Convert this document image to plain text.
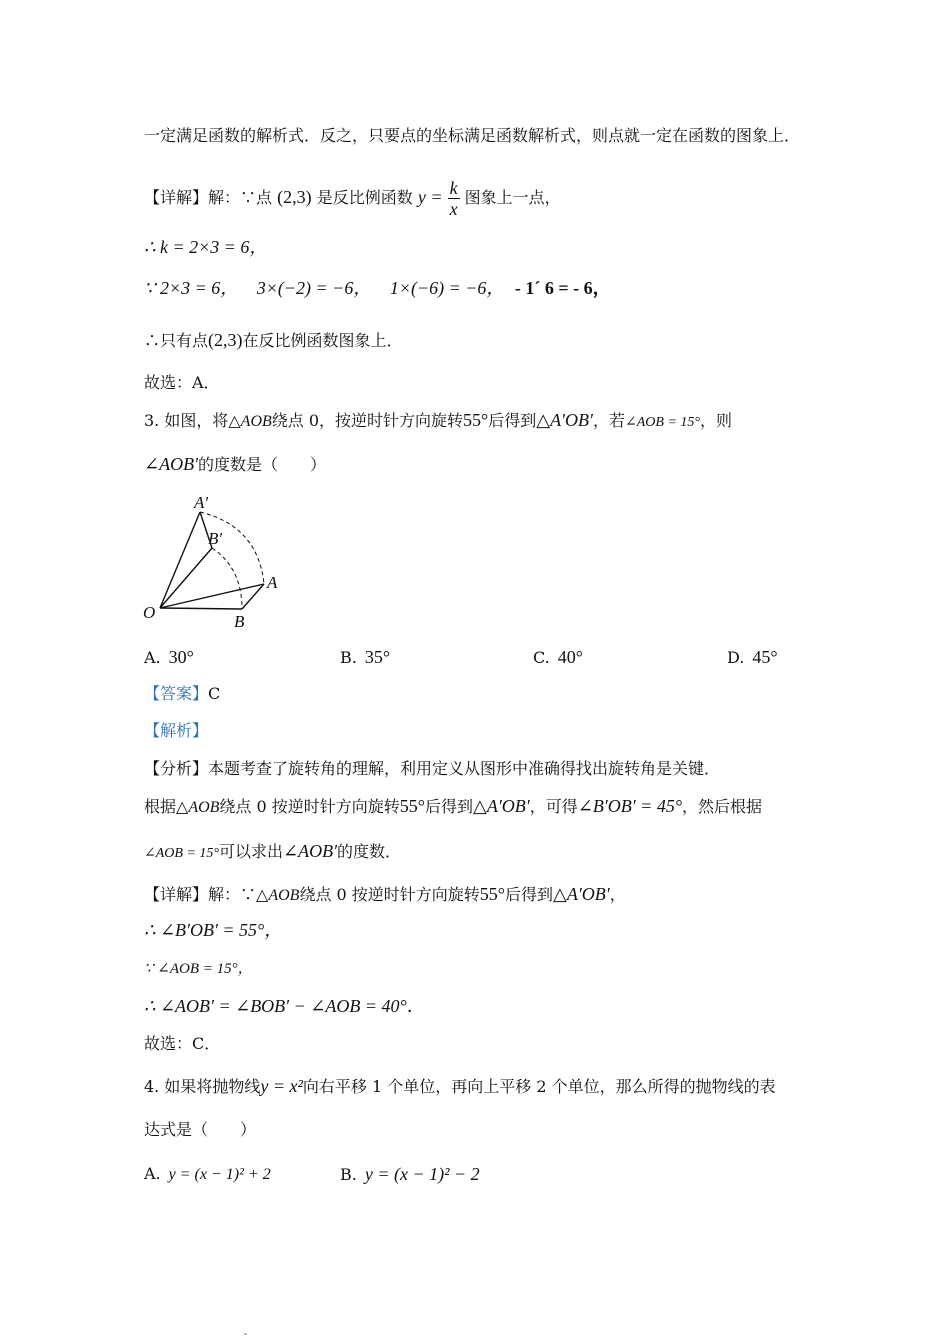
一定满足函数的解析式．反之，只要点的坐标满足函数解析式，则点就一定在函数的图象上．
【详解】解：∵点 (2,3) 是反比例函数 $y = \frac{k}{x}$ 图象上一点，
∴ k = 2×3 = 6，
∵ 2×3 = 6， 3×(−2) = −6， 1×(−6) = −6， - 1´ 6 = - 6，
∴只有点(2,3)在反比例函数图象上．
故选：A．
3. 如图，将△AOB绕点 0，按逆时针方向旋转55°后得到△A′OB′，若∠AOB = 15°，则
∠AOB′的度数是（　　）
A′
B′
A
O	B
A. 30°	B. 35°	C. 40°	D. 45°
【答案】C
【解析】
【分析】本题考查了旋转角的理解，利用定义从图形中准确得找出旋转角是关键．
根据△AOB绕点 0 按逆时针方向旋转55°后得到△A′OB′，可得∠B′OB′ = 45°，然后根据
∠AOB = 15°可以求出∠AOB′的度数．
【详解】解：∵△AOB绕点 0 按逆时针方向旋转55°后得到△A′OB′，
∴ ∠B′OB′ = 55°，
∵ ∠AOB = 15°，
∴ ∠AOB′ = ∠BOB′ − ∠AOB = 40°．
故选：C．
4. 如果将抛物线y = x²向右平移 1 个单位，再向上平移 2 个单位，那么所得的抛物线的表
达式是（　　）
A. y = (x − 1)² + 2	B. y = (x − 1)² − 2
